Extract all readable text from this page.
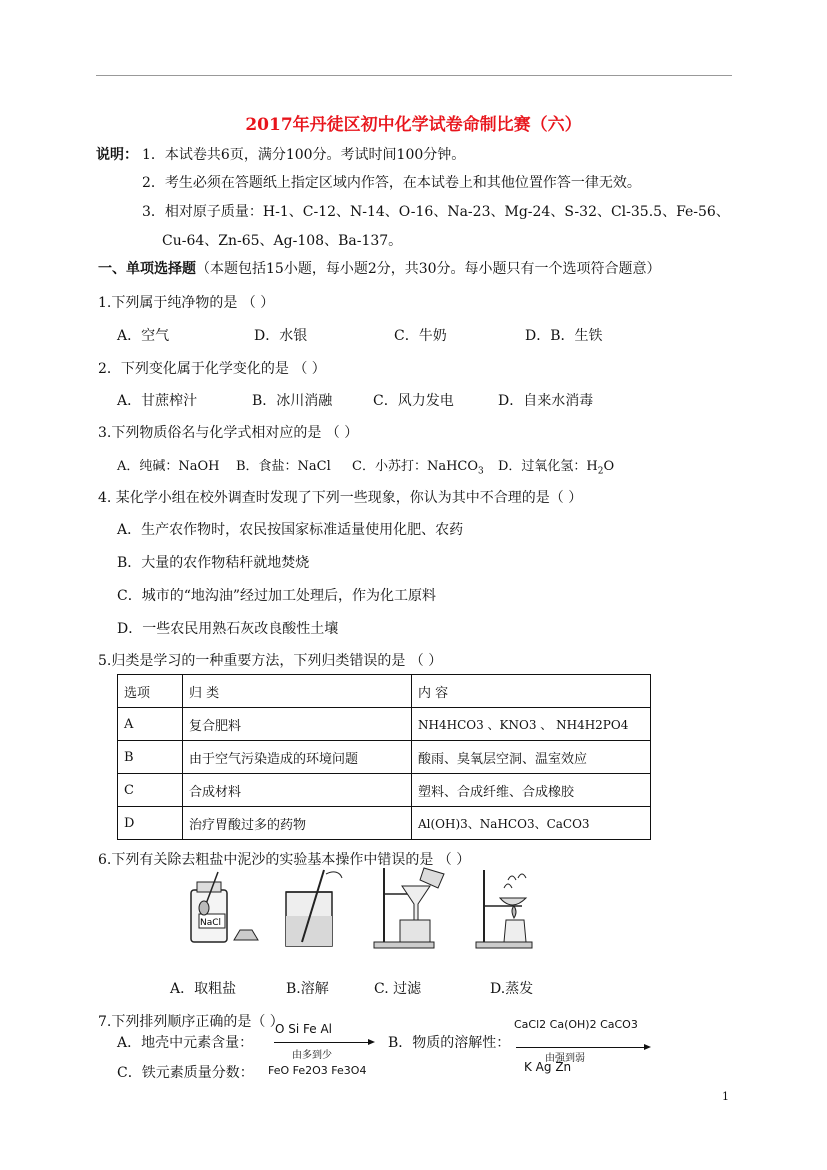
2017年丹徒区初中化学试卷命制比赛（六）
说明： 1．本试卷共6页，满分100分。考试时间100分钟。
2．考生必须在答题纸上指定区域内作答，在本试卷上和其他位置作答一律无效。
3．相对原子质量：H-1、C-12、N-14、O-16、Na-23、Mg-24、S-32、Cl-35.5、Fe-56、
Cu-64、Zn-65、Ag-108、Ba-137。
一、单项选择题（本题包括15小题，每小题2分，共30分。每小题只有一个选项符合题意）
1.下列属于纯净物的是 （ ）
A．空气	D．水银	C．牛奶	D．B．生铁
2．下列变化属于化学变化的是 （ ）
A．甘蔗榨汁	B．冰川消融	C．风力发电	D．自来水消毒
3.下列物质俗名与化学式相对应的是 （ ）
A．纯碱：NaOH B．食盐：NaCl C．小苏打：NaHCO$_3$ D．过氧化氢：$H_2O$
4. 某化学小组在校外调查时发现了下列一些现象，你认为其中不合理的是（ ）
A．生产农作物时，农民按国家标准适量使用化肥、农药
B．大量的农作物秸秆就地焚烧
C．城市的“地沟油”经过加工处理后，作为化工原料
D．一些农民用熟石灰改良酸性土壤
5.归类是学习的一种重要方法，下列归类错误的是 （ ）
选项	归 类	内 容
A	复合肥料	NH4HCO3 、KNO3 、 NH4H2PO4
B	由于空气污染造成的环境问题	酸雨、臭氧层空洞、温室效应
C	合成材料	塑料、合成纤维、合成橡胶
D	治疗胃酸过多的药物	Al(OH)3、NaHCO3、CaCO3
6.下列有关除去粗盐中泥沙的实验基本操作中错误的是 （ ）
NaCl
A．取粗盐	B.溶解	C. 过滤	D.蒸发
7.下列排列顺序正确的是（ ）
A．地壳中元素含量：
O Si Fe Al
由多到少
B．物质的溶解性：
CaCl2 Ca(OH)2 CaCO3
由强到弱
K Ag Zn
C．铁元素质量分数： FeO Fe2O3 Fe3O4
1
